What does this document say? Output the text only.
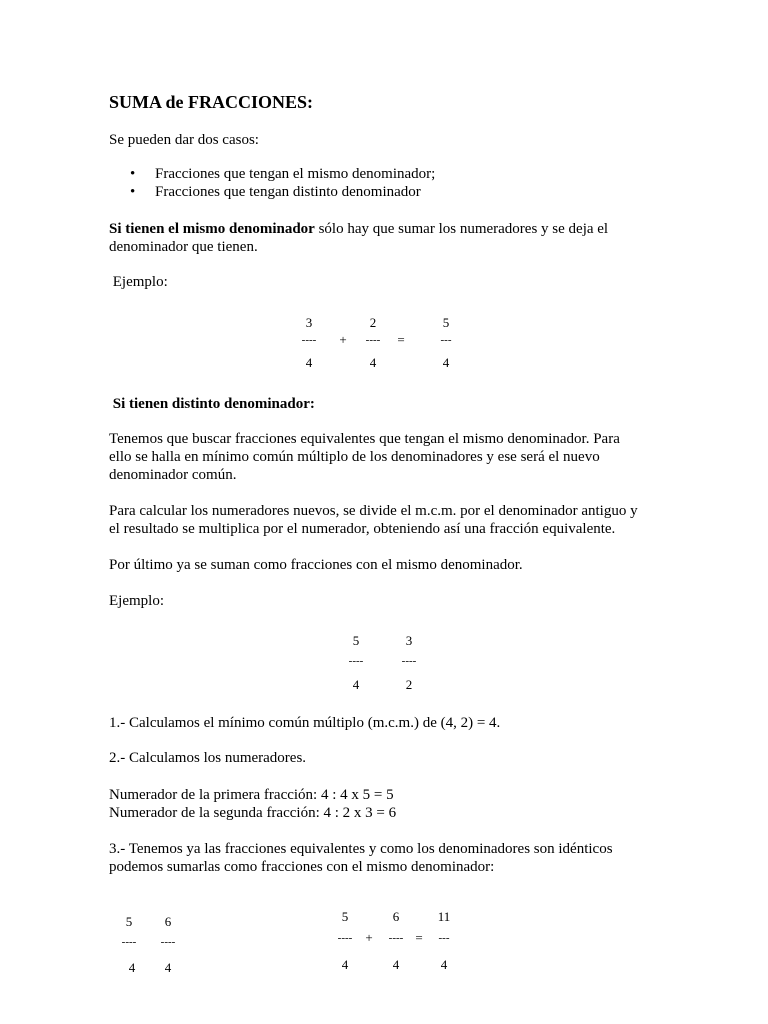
SUMA de FRACCIONES:
Se pueden dar dos casos:
• Fracciones que tengan el mismo denominador;
• Fracciones que tengan distinto denominador
Si tienen el mismo denominador sólo hay que sumar los numeradores y se deja el
denominador que tienen.
Ejemplo:
3
----
4
+
2
----
4
=
5
---
4
Si tienen distinto denominador:
Tenemos que buscar fracciones equivalentes que tengan el mismo denominador. Para
ello se halla en mínimo común múltiplo de los denominadores y ese será el nuevo
denominador común.
Para calcular los numeradores nuevos, se divide el m.c.m. por el denominador antiguo y
el resultado se multiplica por el numerador, obteniendo así una fracción equivalente.
Por último ya se suman como fracciones con el mismo denominador.
Ejemplo:
5
----
4
3
----
2
1.- Calculamos el mínimo común múltiplo (m.c.m.) de (4, 2) = 4.
2.- Calculamos los numeradores.
Numerador de la primera fracción: 4 : 4 x 5 = 5
Numerador de la segunda fracción: 4 : 2 x 3 = 6
3.- Tenemos ya las fracciones equivalentes y como los denominadores son idénticos
podemos sumarlas como fracciones con el mismo denominador:
5
----
4
6
----
4
5
----
4
+
6
----
4
=
11
---
4
